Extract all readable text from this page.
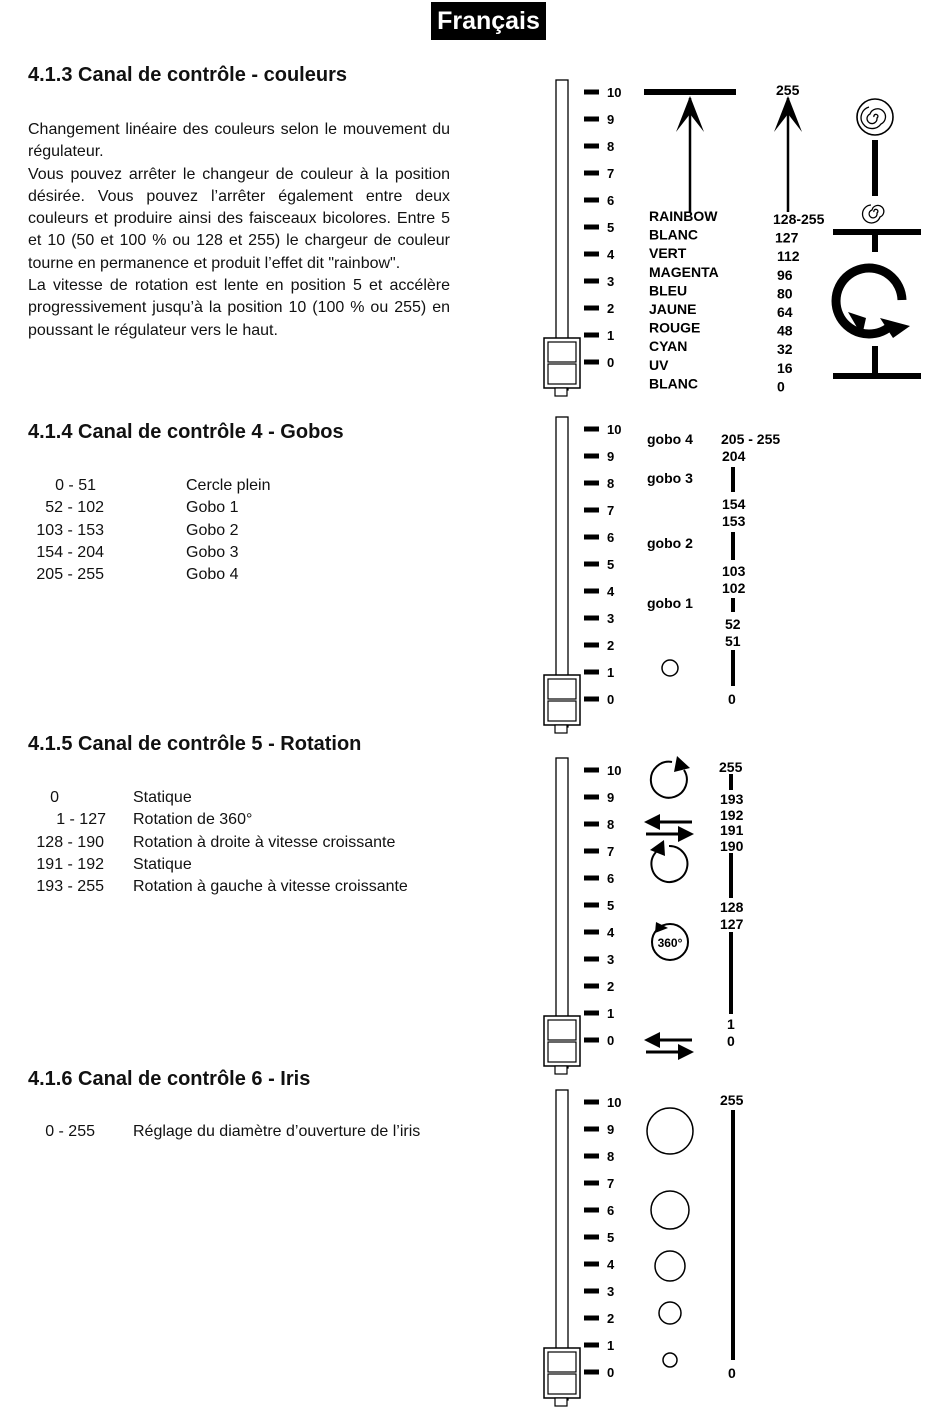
Français
4.1.3 Canal de contrôle - couleurs

Changement linéaire des couleurs selon le mouvement du régulateur.

Vous pouvez arrêter le changeur de couleur à la position désirée. Vous pouvez l’arrêter également entre deux couleurs et produire ainsi des faisceaux bicolores. Entre 5 et 10 (50 et 100 % ou 128 et 255) le chargeur de couleur tourne en permanence et produit l’effet dit "rainbow".

La vitesse de rotation est lente en position 5 et accélère progressivement jusqu’à la position 10 (100 % ou 255) en poussant le régulateur vers le haut.

4.1.4 Canal de contrôle 4 - Gobos
0 - 51	Cercle plein
52 - 102	Gobo 1
103 - 153	Gobo 2
154 - 204	Gobo 3
205 - 255	Gobo 4
4.1.5 Canal de contrôle 5 - Rotation
0	Statique
1 - 127 Rotation de 360°
128 - 190 Rotation à droite à vitesse croissante
191 - 192 Statique
193 - 255 Rotation à gauche à vitesse croissante
4.1.6 Canal de contrôle 6 - Iris
0 - 255 Réglage du diamètre d’ouverture de l’iris
10
9
8
7
6
5
4
3
2
1
0
10
9
8
7
6
5
4
3
2
1
0
10
9
8
7
6
5
4
3
2
1
0
10
9
8
7
6
5
4
3
2
1
0
255
RAINBOW
BLANC
VERT
MAGENTA
BLEU
JAUNE
ROUGE
CYAN
UV
BLANC
128-255
127
112
96
80
64
48
32
16
0
gobo 4
gobo 3
gobo 2
gobo 1
205 - 255
204
154
153
103
102
52
51
0
360°
255
193
192
191
190
128
127
1
0
255
0
